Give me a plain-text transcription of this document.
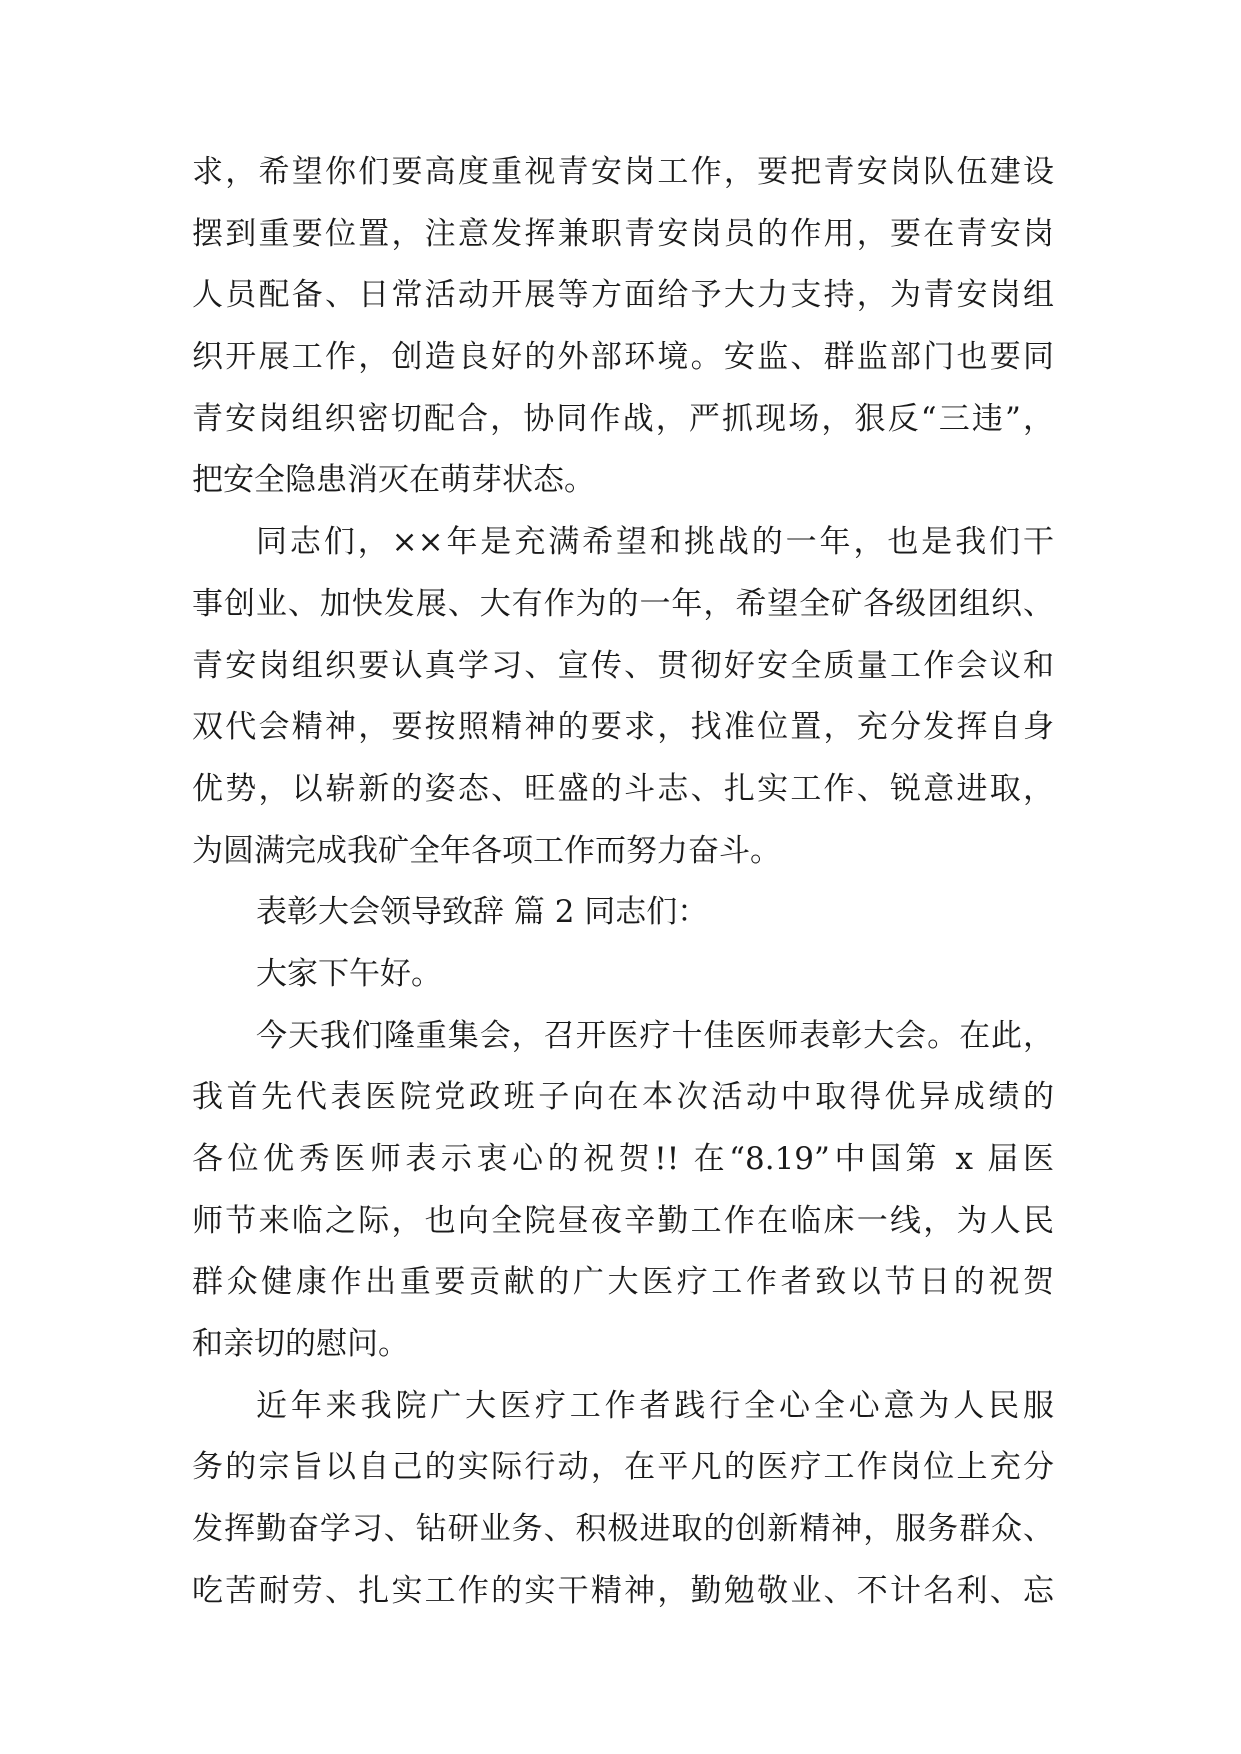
求，希望你们要高度重视青安岗工作，要把青安岗队伍建设
摆到重要位置，注意发挥兼职青安岗员的作用，要在青安岗
人员配备、日常活动开展等方面给予大力支持，为青安岗组
织开展工作，创造良好的外部环境。安监、群监部门也要同
青安岗组织密切配合，协同作战，严抓现场，狠反“三违”，
把安全隐患消灭在萌芽状态。
同志们，××年是充满希望和挑战的一年，也是我们干
事创业、加快发展、大有作为的一年，希望全矿各级团组织、
青安岗组织要认真学习、宣传、贯彻好安全质量工作会议和
双代会精神，要按照精神的要求，找准位置，充分发挥自身
优势，以崭新的姿态、旺盛的斗志、扎实工作、锐意进取，
为圆满完成我矿全年各项工作而努力奋斗。
表彰大会领导致辞 篇 2 同志们：
大家下午好。
今天我们隆重集会，召开医疗十佳医师表彰大会。在此，
我首先代表医院党政班子向在本次活动中取得优异成绩的
各位优秀医师表示衷心的祝贺!! 在“8.19”中国第 x 届医
师节来临之际，也向全院昼夜辛勤工作在临床一线，为人民
群众健康作出重要贡献的广大医疗工作者致以节日的祝贺
和亲切的慰问。
近年来我院广大医疗工作者践行全心全心意为人民服
务的宗旨以自己的实际行动，在平凡的医疗工作岗位上充分
发挥勤奋学习、钻研业务、积极进取的创新精神，服务群众、
吃苦耐劳、扎实工作的实干精神，勤勉敬业、不计名利、忘
